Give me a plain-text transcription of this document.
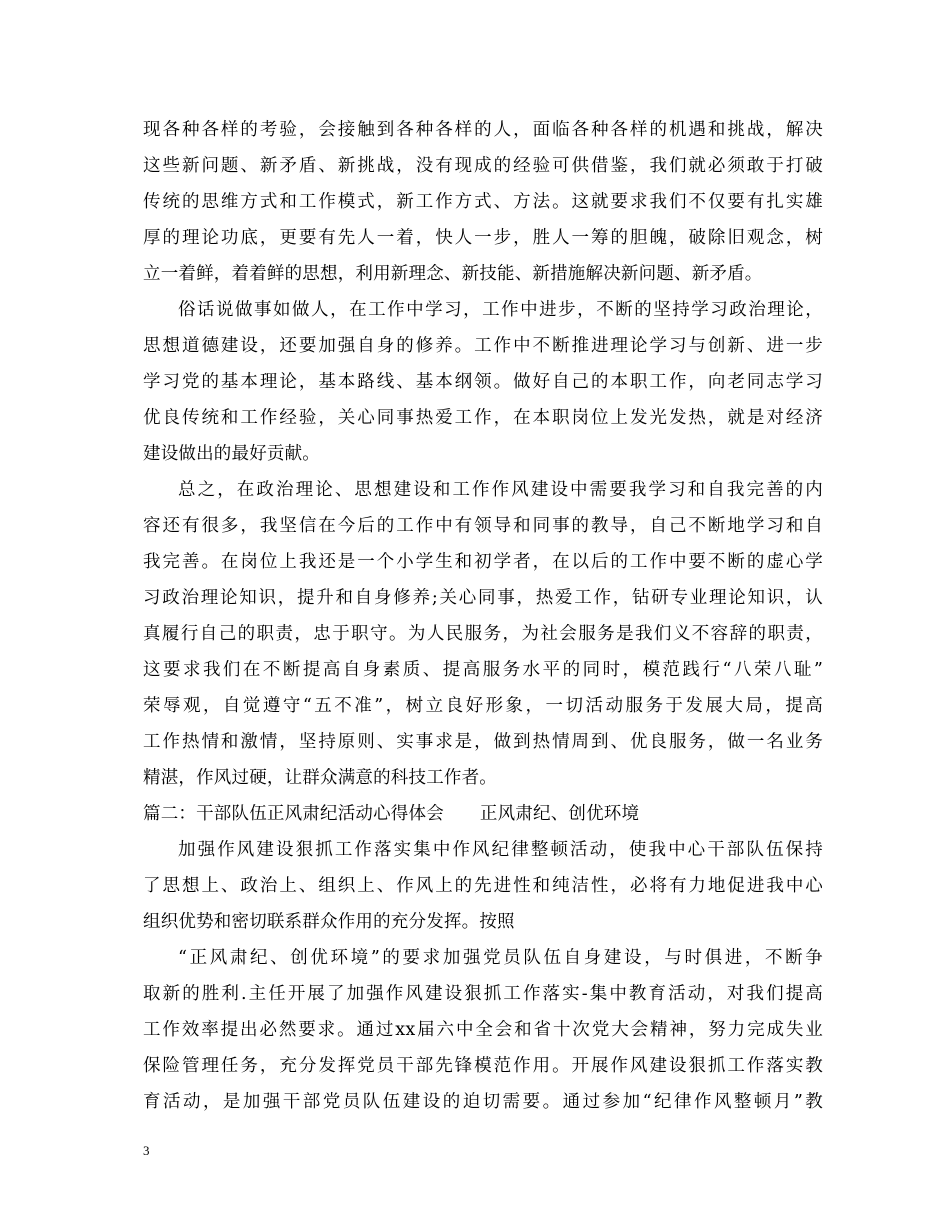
现各种各样的考验，会接触到各种各样的人，面临各种各样的机遇和挑战，解决
这些新问题、新矛盾、新挑战，没有现成的经验可供借鉴，我们就必须敢于打破
传统的思维方式和工作模式，新工作方式、方法。这就要求我们不仅要有扎实雄
厚的理论功底，更要有先人一着，快人一步，胜人一筹的胆魄，破除旧观念，树
立一着鲜，着着鲜的思想，利用新理念、新技能、新措施解决新问题、新矛盾。
俗话说做事如做人，在工作中学习，工作中进步，不断的坚持学习政治理论，
思想道德建设，还要加强自身的修养。工作中不断推进理论学习与创新、进一步
学习党的基本理论，基本路线、基本纲领。做好自己的本职工作，向老同志学习
优良传统和工作经验，关心同事热爱工作，在本职岗位上发光发热，就是对经济
建设做出的最好贡献。
总之，在政治理论、思想建设和工作作风建设中需要我学习和自我完善的内
容还有很多，我坚信在今后的工作中有领导和同事的教导，自己不断地学习和自
我完善。在岗位上我还是一个小学生和初学者，在以后的工作中要不断的虚心学
习政治理论知识，提升和自身修养;关心同事，热爱工作，钻研专业理论知识，认
真履行自己的职责，忠于职守。为人民服务，为社会服务是我们义不容辞的职责，
这要求我们在不断提高自身素质、提高服务水平的同时，模范践行“八荣八耻”
荣辱观，自觉遵守“五不准”，树立良好形象，一切活动服务于发展大局，提高
工作热情和激情，坚持原则、实事求是，做到热情周到、优良服务，做一名业务
精湛，作风过硬，让群众满意的科技工作者。
篇二：干部队伍正风肃纪活动心得体会 正风肃纪、创优环境
加强作风建设狠抓工作落实集中作风纪律整顿活动，使我中心干部队伍保持
了思想上、政治上、组织上、作风上的先进性和纯洁性，必将有力地促进我中心
组织优势和密切联系群众作用的充分发挥。按照
“正风肃纪、创优环境”的要求加强党员队伍自身建设，与时俱进，不断争
取新的胜利.主任开展了加强作风建设狠抓工作落实-集中教育活动，对我们提高
工作效率提出必然要求。通过xx届六中全会和省十次党大会精神，努力完成失业
保险管理任务，充分发挥党员干部先锋模范作用。开展作风建设狠抓工作落实教
育活动，是加强干部党员队伍建设的迫切需要。通过参加“纪律作风整顿月”教
3
